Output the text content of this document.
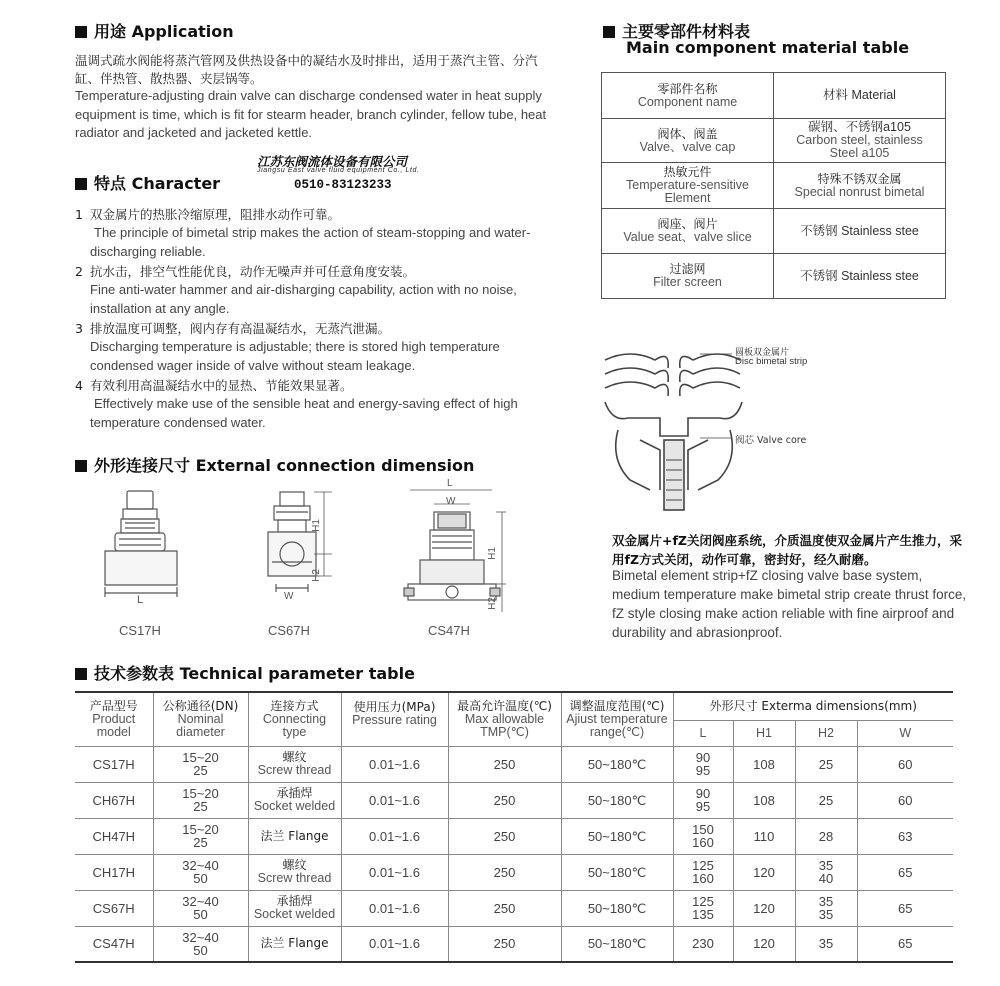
用途 Application
温调式疏水阀能将蒸汽管网及供热设备中的凝结水及时排出，适用于蒸汽主管、分汽缸、伴热管、散热器、夹层锅等。
Temperature-adjusting drain valve can discharge condensed water in heat supply equipment is time, which is fit for stearm header, branch cylinder, fellow tube, heat radiator and jacketed and jacketed kettle.
江苏东阀流体设备有限公司
Jiangsu East valve fluid equipment Co., Ltd.
0510-83123233
特点 Character
1 双金属片的热胀冷缩原理，阻排水动作可靠。
The principle of bimetal strip makes the action of steam-stopping and water-discharging reliable.
2 抗水击，排空气性能优良，动作无噪声并可任意角度安装。
Fine anti-water hammer and air-disharging capability, action with no noise, installation at any angle.
3 排放温度可调整，阀内存有高温凝结水，无蒸汽泄漏。
Discharging temperature is adjustable; there is stored high temperature condensed wager inside of valve without steam leakage.
4 有效利用高温凝结水中的显热、节能效果显著。
Effectively make use of the sensible heat and energy-saving effect of high temperature condensed water.
外形连接尺寸 External connection dimension
L
CS17H
H1
H2
W
CS67H
L
W
H1
H2
CS47H
主要零部件材料表
Main component material table
零部件名称
Component name	材料 Material

阀体、阀盖
Valve、valve cap	碳钢、不锈钢a105
Carbon steel, stainless
Steel a105

热敏元件
Temperature-sensitive
Element	特殊不锈双金属
Special nonrust bimetal

阀座、阀片
Value seat、valve slice	不锈钢 Stainless stee

过滤网
Filter screen	不锈钢 Stainless stee
圆板双金属片
Disc bimetal strip
阀芯 Valve core
双金属片+fZ关闭阀座系统，介质温度使双金属片产生推力，采用fZ方式关闭，动作可靠，密封好，经久耐磨。
Bimetal element strip+fZ closing valve base system, medium temperature make bimetal strip create thrust force, fZ style closing make action reliable with fine airproof and durability and abrasionproof.
技术参数表 Technical parameter table
产品型号
Product
model	公称通径(DN)
Nominal
diameter	连接方式
Connecting
type	使用压力(MPa)
Pressure rating	最高允许温度(℃)
Max allowable
TMP(℃)	调整温度范围(℃)
Ajiust temperature
range(℃)	外形尺寸 Exterma dimensions(mm)			

						L	H1	H2	W

CS17H	15~20
25	螺纹
Screw thread	0.01~1.6	250	50~180℃	90
95	108	25	60

CH67H	15~20
25	承插焊
Socket welded	0.01~1.6	250	50~180℃	90
95	108	25	60

CH47H	15~20
25	法兰 Flange	0.01~1.6	250	50~180℃	150
160	110	28	63

CH17H	32~40
50	螺纹
Screw thread	0.01~1.6	250	50~180℃	125
160	120	35
40	65

CS67H	32~40
50	承插焊
Socket welded	0.01~1.6	250	50~180℃	125
135	120	35
35	65

CS47H	32~40
50	法兰 Flange	0.01~1.6	250	50~180℃	230	120	35	65
